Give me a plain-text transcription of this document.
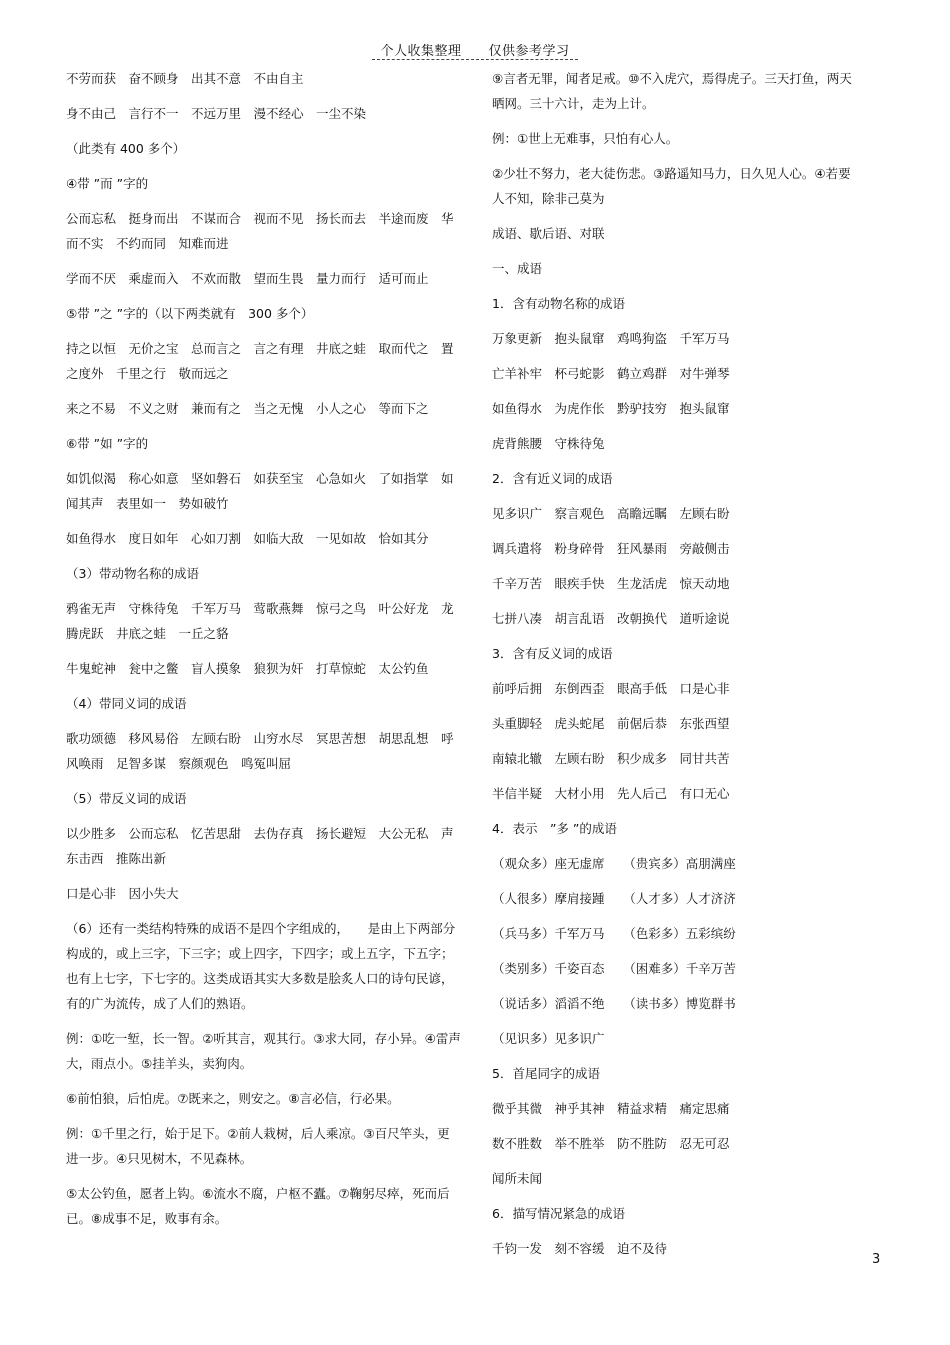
个人收集整理　　仅供参考学习

不劳而获　奋不顾身　出其不意　不由自主

身不由己　言行不一　不远万里　漫不经心　一尘不染

（此类有 400 多个）

④带 ”而 ”字的

公而忘私　挺身而出　不谋而合　视而不见　扬长而去　半途而废　华而不实　不约而同　知难而进

学而不厌　乘虚而入　不欢而散　望而生畏　量力而行　适可而止

⑤带 ”之 ”字的（以下两类就有　300 多个）

持之以恒　无价之宝　总而言之　言之有理　井底之蛙　取而代之　置之度外　千里之行　敬而远之

来之不易　不义之财　兼而有之　当之无愧　小人之心　等而下之

⑥带 ”如 ”字的

如饥似渴　称心如意　坚如磐石　如获至宝　心急如火　了如指掌　如闻其声　表里如一　势如破竹

如鱼得水　度日如年　心如刀割　如临大敌　一见如故　恰如其分

（3）带动物名称的成语

鸦雀无声　守株待兔　千军万马　莺歌燕舞　惊弓之鸟　叶公好龙　龙腾虎跃　井底之蛙　一丘之貉

牛鬼蛇神　瓮中之鳖　盲人摸象　狼狈为奸　打草惊蛇　太公钓鱼

（4）带同义词的成语

歌功颂德　移风易俗　左顾右盼　山穷水尽　冥思苦想　胡思乱想　呼风唤雨　足智多谋　察颜观色　鸣冤叫屈

（5）带反义词的成语

以少胜多　公而忘私　忆苦思甜　去伪存真　扬长避短　大公无私　声东击西　推陈出新

口是心非　因小失大

（6）还有一类结构特殊的成语不是四个字组成的，　　是由上下两部分构成的，或上三字，下三字；或上四字，下四字；或上五字，下五字；也有上七字，下七字的。这类成语其实大多数是脍炙人口的诗句民谚，有的广为流传，成了人们的熟语。

例：①吃一堑，长一智。②听其言，观其行。③求大同，存小异。④雷声大，雨点小。⑤挂羊头，卖狗肉。

⑥前怕狼，后怕虎。⑦既来之，则安之。⑧言必信，行必果。

例：①千里之行，始于足下。②前人栽树，后人乘凉。③百尺竿头，更进一步。④只见树木，不见森林。

⑤太公钓鱼，愿者上钩。⑥流水不腐，户枢不蠹。⑦鞠躬尽瘁，死而后已。⑧成事不足，败事有余。

⑨言者无罪，闻者足戒。⑩不入虎穴，焉得虎子。三天打鱼，两天晒网。三十六计，走为上计。

例：①世上无难事，只怕有心人。

②少壮不努力，老大徒伤悲。③路遥知马力，日久见人心。④若要人不知，除非己莫为

成语、歇后语、对联

一、成语

1．含有动物名称的成语

万象更新　抱头鼠窜　鸡鸣狗盗　千军万马

亡羊补牢　杯弓蛇影　鹤立鸡群　对牛弹琴

如鱼得水　为虎作伥　黔驴技穷　抱头鼠窜

虎背熊腰　守株待兔

2．含有近义词的成语

见多识广　察言观色　高瞻远瞩　左顾右盼

调兵遣将　粉身碎骨　狂风暴雨　旁敲侧击

千辛万苦　眼疾手快　生龙活虎　惊天动地

七拼八凑　胡言乱语　改朝换代　道听途说

3．含有反义词的成语

前呼后拥　东倒西歪　眼高手低　口是心非

头重脚轻　虎头蛇尾　前倨后恭　东张西望

南辕北辙　左顾右盼　积少成多　同甘共苦

半信半疑　大材小用　先人后己　有口无心

4．表示　”多 ”的成语

（观众多）座无虚席　　（贵宾多）高朋满座

（人很多）摩肩接踵　　（人才多）人才济济

（兵马多）千军万马　　（色彩多）五彩缤纷

（类别多）千姿百态　　（困难多）千辛万苦

（说话多）滔滔不绝　　（读书多）博览群书

（见识多）见多识广

5．首尾同字的成语

微乎其微　神乎其神　精益求精　痛定思痛

数不胜数　举不胜举　防不胜防　忍无可忍

闻所未闻

6．描写情况紧急的成语

千钧一发　刻不容缓　迫不及待

3
